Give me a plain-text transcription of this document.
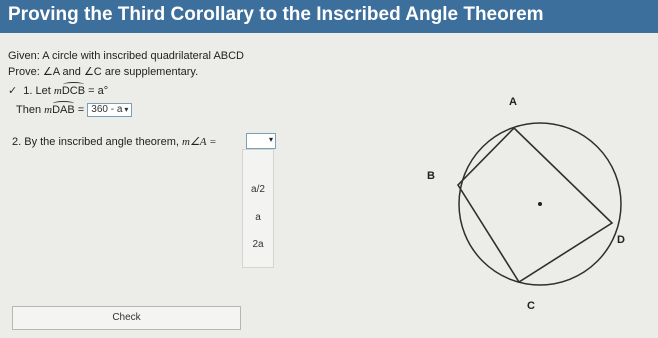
Proving the Third Corollary to the Inscribed Angle Theorem
Given: A circle with inscribed quadrilateral ABCD
Prove: ∠A and ∠C are supplementary.
✓ 1. Let mDCB = a°
Then mDAB = 360 - a ▾
2. By the inscribed angle theorem, m∠A =	▾
a/2
a
2a
Check
A
B
C
D
